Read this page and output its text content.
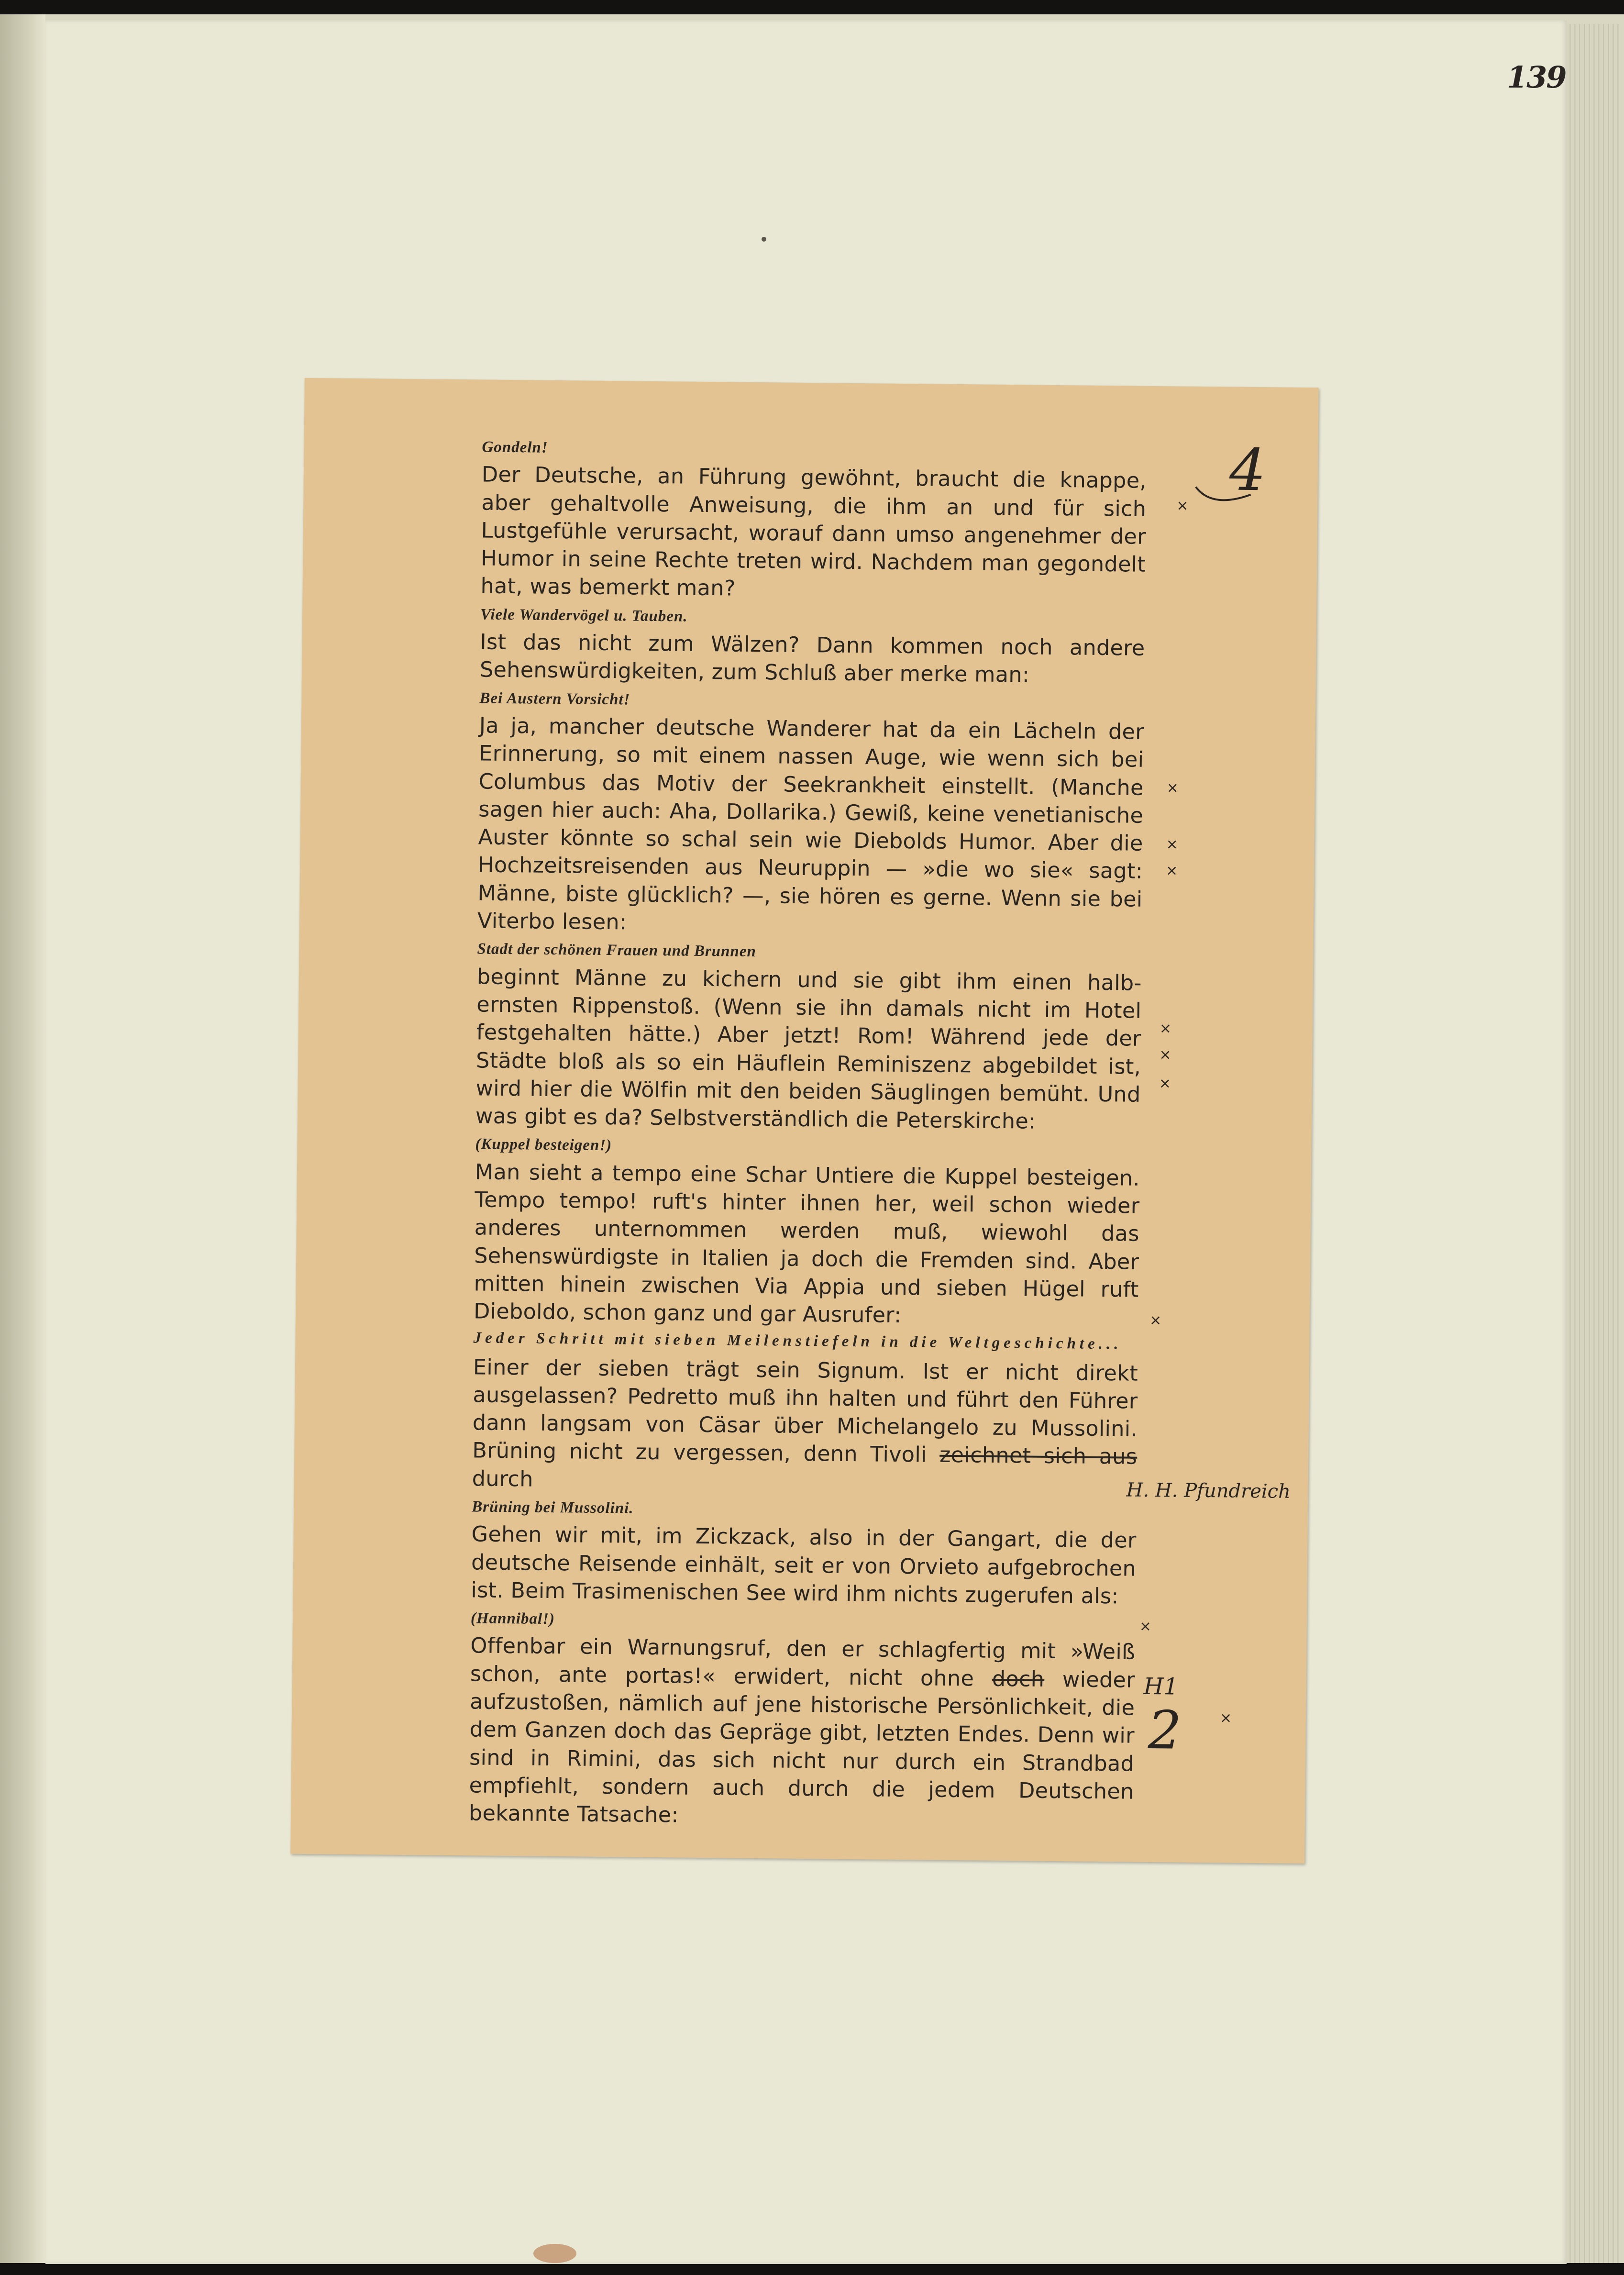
139

Gondeln!

Der Deutsche, an Führung gewöhnt, braucht die knappe, aber gehaltvolle Anweisung, die ihm an und für sich Lustgefühle verursacht, worauf dann umso angenehmer der Humor in seine Rechte treten wird. Nachdem man gegondelt hat, was bemerkt man?

Viele Wandervögel u. Tauben.

Ist das nicht zum Wälzen? Dann kommen noch andere Sehenswürdigkeiten, zum Schluß aber merke man:

Bei Austern Vorsicht!

Ja ja, mancher deutsche Wanderer hat da ein Lächeln der Erinnerung, so mit einem nassen Auge, wie wenn sich bei Columbus das Motiv der Seekrankheit einstellt. (Manche sagen hier auch: Aha, Dollarika.) Gewiß, keine venetianische Auster könnte so schal sein wie Diebolds Humor. Aber die Hochzeitsreisenden aus Neuruppin — »die wo sie« sagt: Männe, biste glücklich? —, sie hören es gerne. Wenn sie bei Viterbo lesen:

Stadt der schönen Frauen und Brunnen

beginnt Männe zu kichern und sie gibt ihm einen halb-ernsten Rippenstoß. (Wenn sie ihn damals nicht im Hotel festgehalten hätte.) Aber jetzt! Rom! Während jede der Städte bloß als so ein Häuflein Reminiszenz abgebildet ist, wird hier die Wölfin mit den beiden Säuglingen bemüht. Und was gibt es da? Selbstverständlich die Peterskirche:

(Kuppel besteigen!)

Man sieht a tempo eine Schar Untiere die Kuppel besteigen. Tempo tempo! ruft's hinter ihnen her, weil schon wieder anderes unternommen werden muß, wiewohl das Sehenswürdigste in Italien ja doch die Fremden sind. Aber mitten hinein zwischen Via Appia und sieben Hügel ruft Dieboldo, schon ganz und gar Ausrufer:

Jeder Schritt mit sieben Meilenstiefeln in die Weltgeschichte...

Einer der sieben trägt sein Signum. Ist er nicht direkt ausgelassen? Pedretto muß ihn halten und führt den Führer dann langsam von Cäsar über Michelangelo zu Mussolini. Brüning nicht zu vergessen, denn Tivoli zeichnet sich aus durch

Brüning bei Mussolini.

Gehen wir mit, im Zickzack, also in der Gangart, die der deutsche Reisende einhält, seit er von Orvieto aufgebrochen ist. Beim Trasimenischen See wird ihm nichts zugerufen als:

(Hannibal!)

Offenbar ein Warnungsruf, den er schlagfertig mit »Weiß schon, ante portas!« erwidert, nicht ohne doch wieder aufzustoßen, nämlich auf jene historische Persönlichkeit, die dem Ganzen doch das Gepräge gibt, letzten Endes. Denn wir sind in Rimini, das sich nicht nur durch ein Strandbad empfiehlt, sondern auch durch die jedem Deutschen bekannte Tatsache:

×
×
×
×
×
×
×
×
×
×
4
H. H. Pfundreich
H1
2
